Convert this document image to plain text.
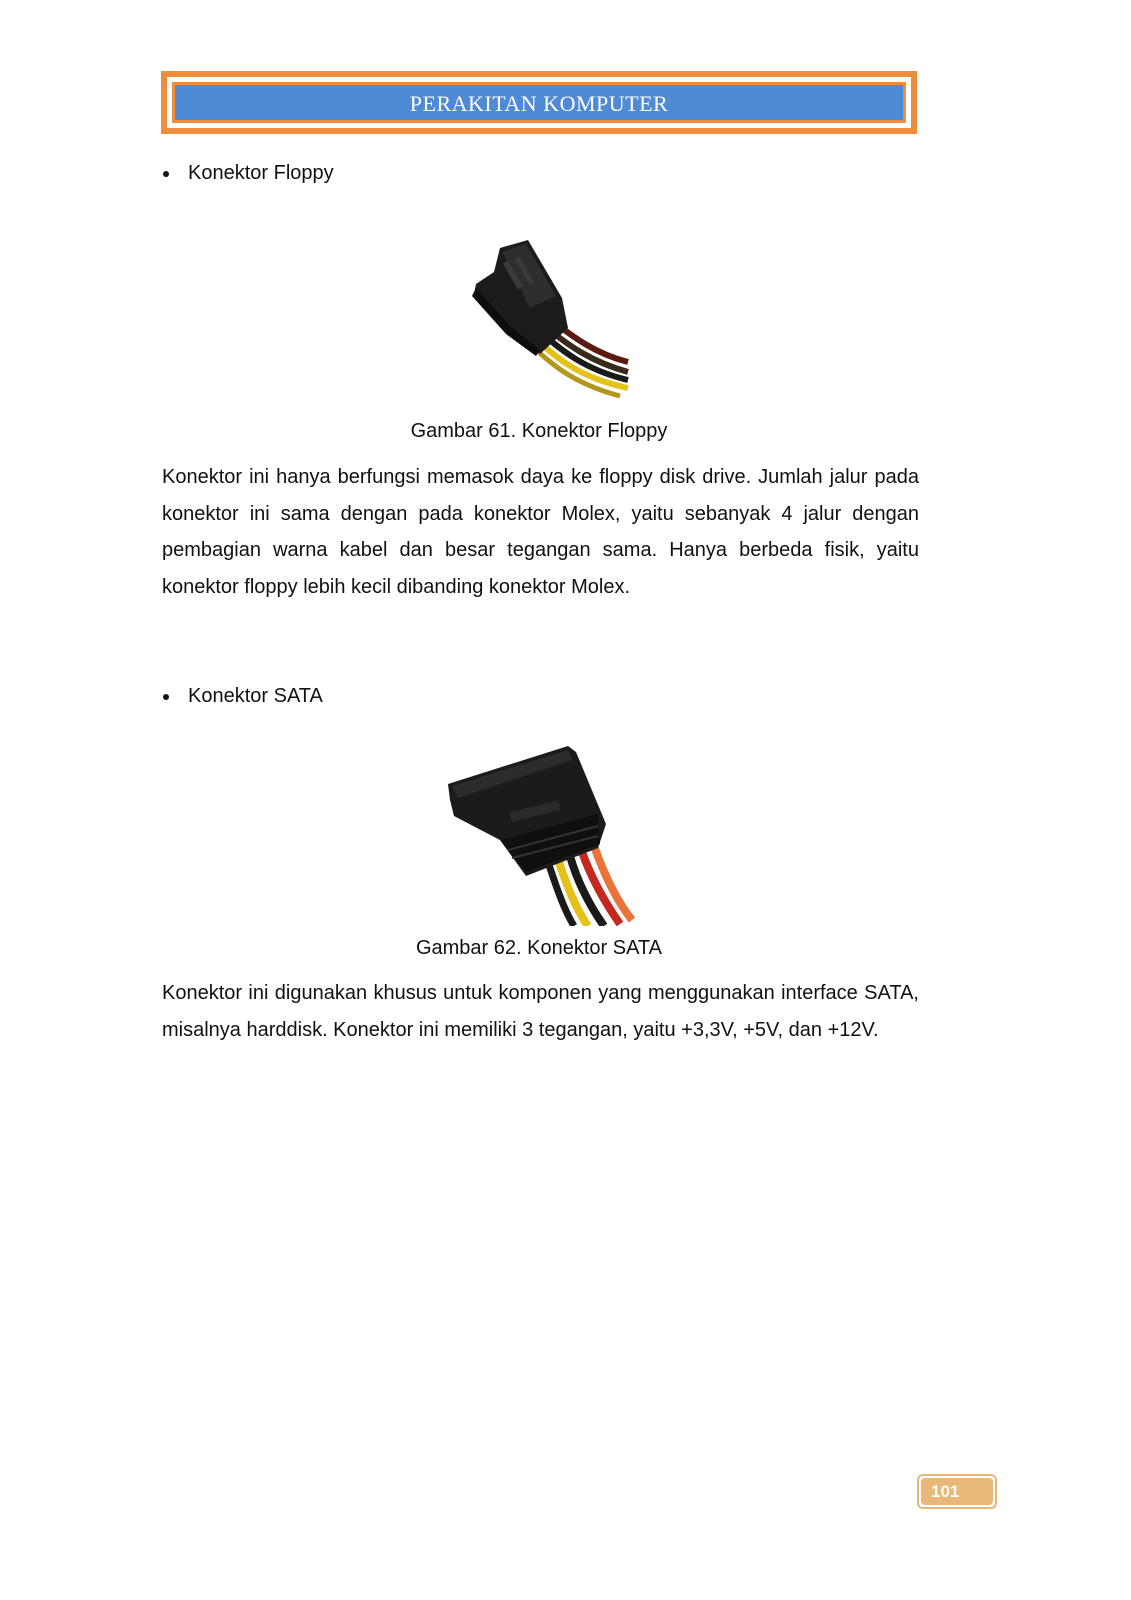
PERAKITAN KOMPUTER
Konektor Floppy
Gambar 61. Konektor Floppy

Konektor ini hanya berfungsi memasok daya ke floppy disk drive. Jumlah jalur pada konektor ini sama dengan pada konektor Molex, yaitu sebanyak 4 jalur dengan pembagian warna kabel dan besar tegangan sama. Hanya berbeda fisik, yaitu konektor floppy lebih kecil dibanding konektor Molex.

Konektor SATA
Gambar 62. Konektor SATA

Konektor ini digunakan khusus untuk komponen yang menggunakan interface SATA, misalnya harddisk. Konektor ini memiliki 3 tegangan, yaitu +3,3V, +5V, dan +12V.

101
